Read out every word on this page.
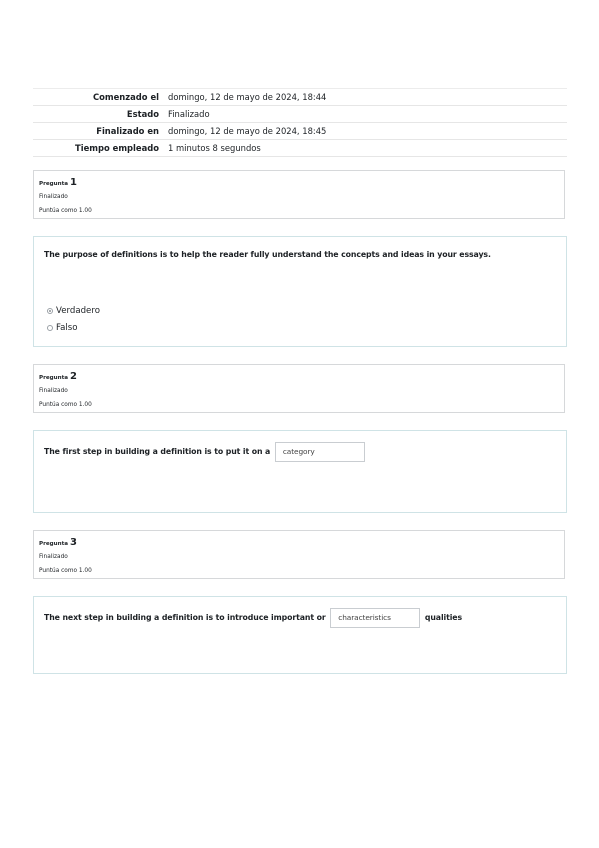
Comenzado el	domingo, 12 de mayo de 2024, 18:44
Estado	Finalizado
Finalizado en	domingo, 12 de mayo de 2024, 18:45
Tiempo empleado	1 minutos 8 segundos
Pregunta 1
Finalizado
Puntúa como 1.00
The purpose of definitions is to help the reader fully understand the concepts and ideas in your essays.
Verdadero
Falso
Pregunta 2
Finalizado
Puntúa como 1.00
The first step in building a definition is to put it on a category
Pregunta 3
Finalizado
Puntúa como 1.00
The next step in building a definition is to introduce important or characteristics	qualities
